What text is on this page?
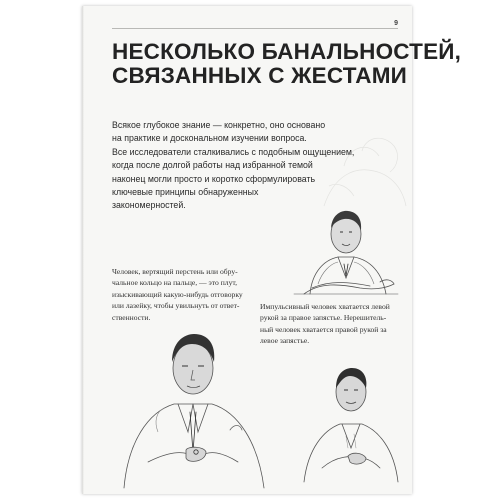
9
НЕСКОЛЬКО БАНАЛЬНОСТЕЙ,
СВЯЗАННЫХ С ЖЕСТАМИ
Всякое глубокое знание — конкретно, оно основано
на практике и доскональном изучении вопроса.
Все исследователи сталкивались с подобным ощущением,
когда после долгой работы над избранной темой
наконец могли просто и коротко сформулировать
ключевые принципы обнаруженных
закономерностей.
Человек, вертящий перстень или обру-
чальное кольцо на пальце, — это плут,
изыскивающий какую-нибудь отговорку
или лазейку, чтобы увильнуть от ответ-
ственности.
Импульсивный человек хватается левой
рукой за правое запястье. Нерешитель-
ный человек хватается правой рукой за
левое запястье.
